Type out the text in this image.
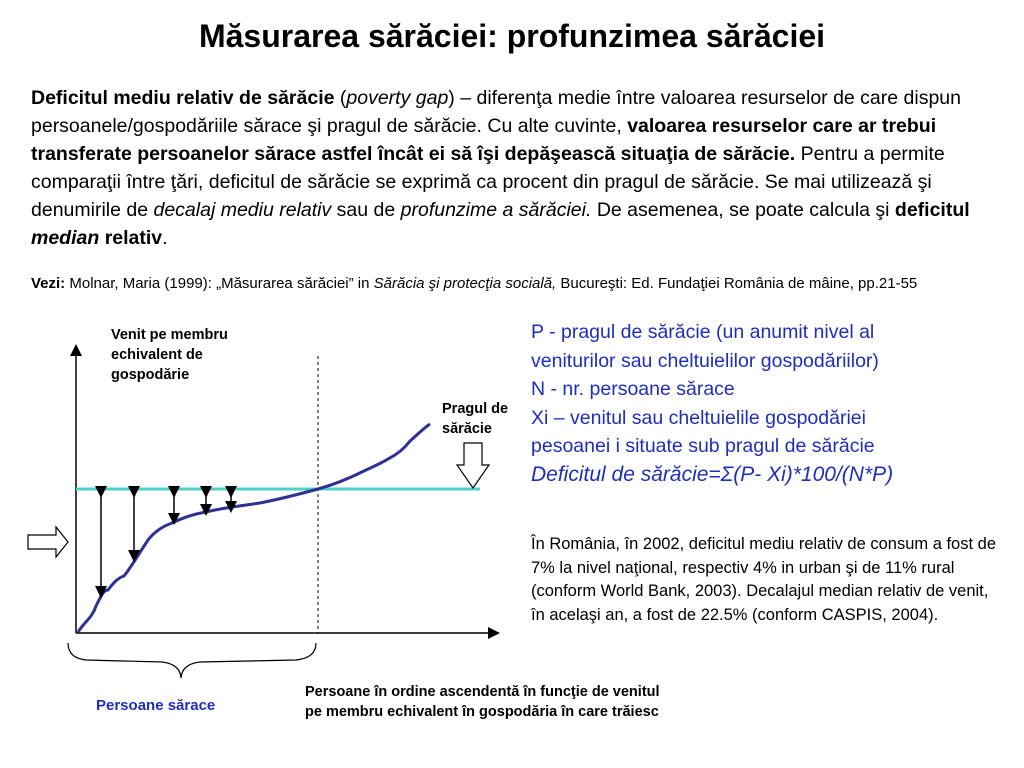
Măsurarea sărăciei: profunzimea sărăciei

Deficitul mediu relativ de sărăcie (poverty gap) – diferenţa medie între valoarea resurselor de care dispun persoanele/gospodăriile sărace şi pragul de sărăcie. Cu alte cuvinte, valoarea resurselor care ar trebui transferate persoanelor sărace astfel încât ei să îşi depăşească situaţia de sărăcie. Pentru a permite comparaţii între ţări, deficitul de sărăcie se exprimă ca procent din pragul de sărăcie. Se mai utilizează şi denumirile de decalaj mediu relativ sau de profunzime a sărăciei. De asemenea, se poate calcula şi deficitul median relativ.

Vezi: Molnar, Maria (1999): „Măsurarea sărăciei” in Sărăcia şi protecţia socială, Bucureşti: Ed. Fundaţiei România de mâine, pp.21-55

P - pragul de sărăcie (un anumit nivel al
veniturilor sau cheltuielilor gospodăriilor)
N - nr. persoane sărace
Xi – venitul sau cheltuielile gospodăriei
pesoanei i situate sub pragul de sărăcie
Deficitul de sărăcie=Σ(P- Xi)*100/(N*P)

În România, în 2002, deficitul mediu relativ de consum a fost de 7% la nivel naţional, respectiv 4% in urban şi de 11% rural (conform World Bank, 2003). Decalajul median relativ de venit, în acelaşi an, a fost de 22.5% (conform CASPIS, 2004).

Venit pe membru echivalent de gospodărie
Pragul de sărăcie
Persoane sărace
Persoane în ordine ascendentă în funcţie de venitul pe membru echivalent în gospodăria în care trăiesc
